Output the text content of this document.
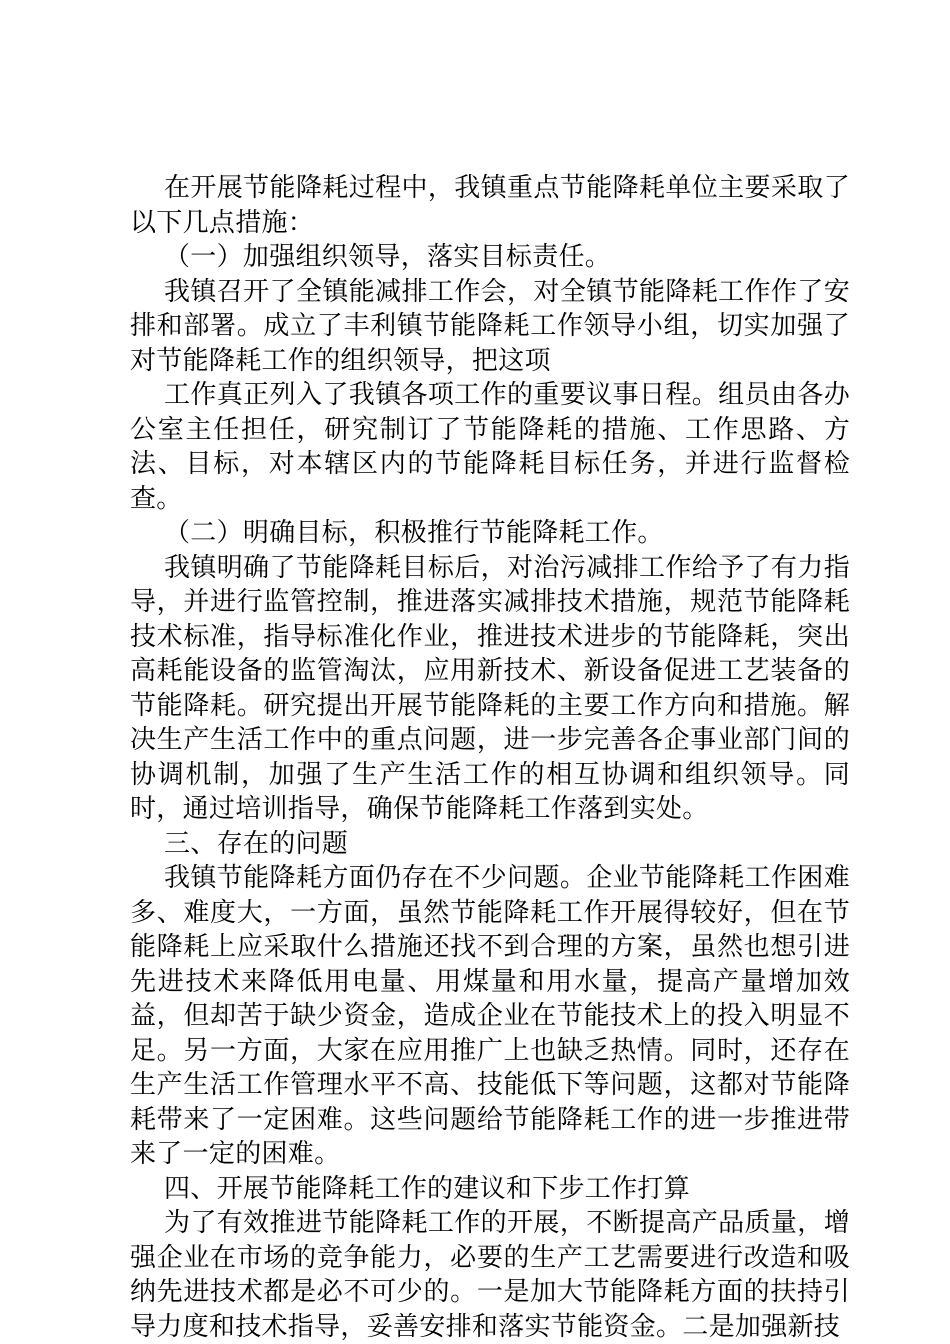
在开展节能降耗过程中，我镇重点节能降耗单位主要采取了以下几点措施：

（一）加强组织领导，落实目标责任。

我镇召开了全镇能减排工作会，对全镇节能降耗工作作了安排和部署。成立了丰利镇节能降耗工作领导小组，切实加强了对节能降耗工作的组织领导，把这项

工作真正列入了我镇各项工作的重要议事日程。组员由各办公室主任担任，研究制订了节能降耗的措施、工作思路、方法、目标，对本辖区内的节能降耗目标任务，并进行监督检查。

（二）明确目标，积极推行节能降耗工作。

我镇明确了节能降耗目标后，对治污减排工作给予了有力指导，并进行监管控制，推进落实减排技术措施，规范节能降耗技术标准，指导标准化作业，推进技术进步的节能降耗，突出高耗能设备的监管淘汰，应用新技术、新设备促进工艺装备的节能降耗。研究提出开展节能降耗的主要工作方向和措施。解决生产生活工作中的重点问题，进一步完善各企事业部门间的协调机制，加强了生产生活工作的相互协调和组织领导。同时，通过培训指导，确保节能降耗工作落到实处。

三、存在的问题

我镇节能降耗方面仍存在不少问题。企业节能降耗工作困难多、难度大，一方面，虽然节能降耗工作开展得较好，但在节能降耗上应采取什么措施还找不到合理的方案，虽然也想引进先进技术来降低用电量、用煤量和用水量，提高产量增加效益，但却苦于缺少资金，造成企业在节能技术上的投入明显不足。另一方面，大家在应用推广上也缺乏热情。同时，还存在生产生活工作管理水平不高、技能低下等问题，这都对节能降耗带来了一定困难。这些问题给节能降耗工作的进一步推进带来了一定的困难。

四、开展节能降耗工作的建议和下步工作打算

为了有效推进节能降耗工作的开展，不断提高产品质量，增强企业在市场的竞争能力，必要的生产工艺需要进行改造和吸纳先进技术都是必不可少的。一是加大节能降耗方面的扶持引导力度和技术指导，妥善安排和落实节能资金。二是加强新技
